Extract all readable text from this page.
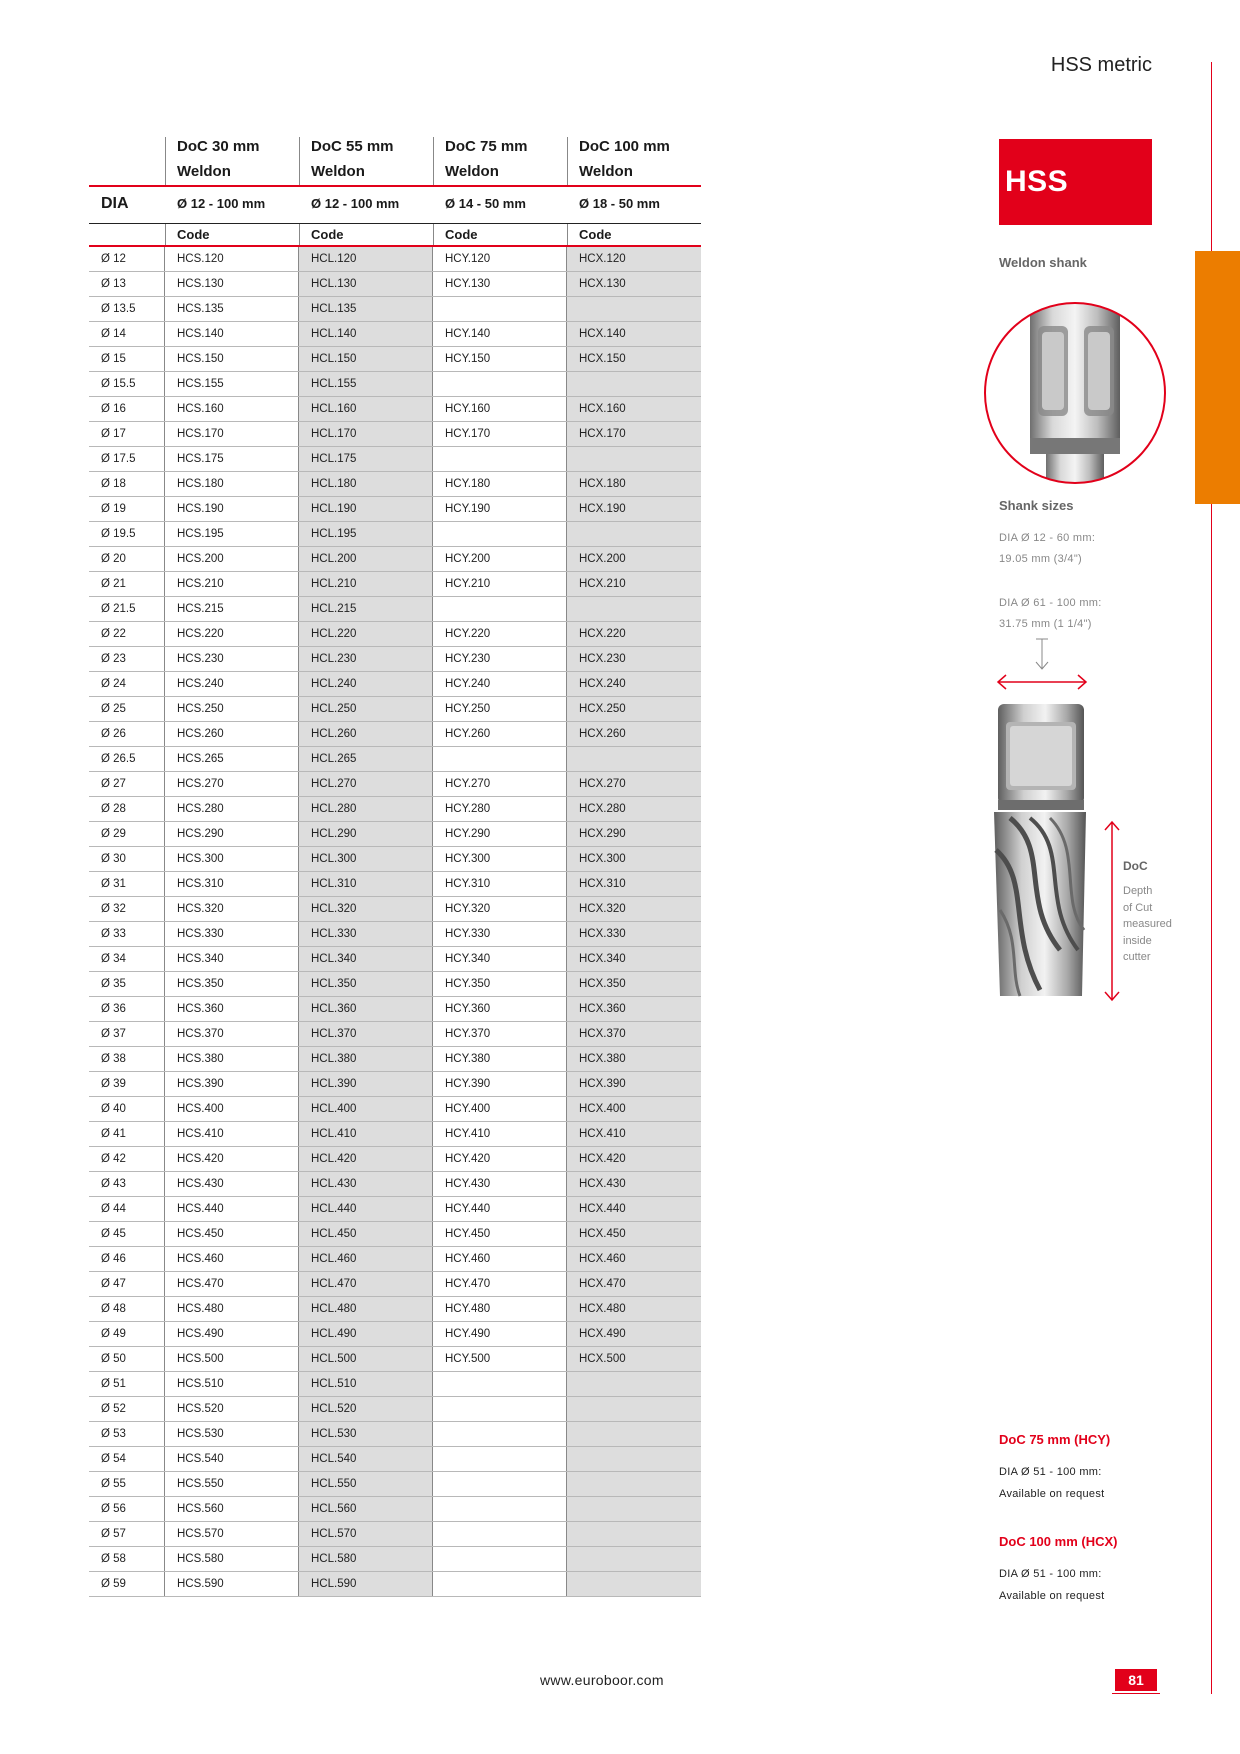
HSS metric
DoC 30 mm
Weldon
DoC 55 mm
Weldon
DoC 75 mm
Weldon
DoC 100 mm
Weldon
DIA	Ø 12 - 100 mm	Ø 12 - 100 mm	Ø 14 - 50 mm	Ø 18 - 50 mm
Code	Code	Code	Code
Ø 12	HCS.120	HCL.120	HCY.120	HCX.120
Ø 13	HCS.130	HCL.130	HCY.130	HCX.130
Ø 13.5	HCS.135	HCL.135
Ø 14	HCS.140	HCL.140	HCY.140	HCX.140
Ø 15	HCS.150	HCL.150	HCY.150	HCX.150
Ø 15.5	HCS.155	HCL.155
Ø 16	HCS.160	HCL.160	HCY.160	HCX.160
Ø 17	HCS.170	HCL.170	HCY.170	HCX.170
Ø 17.5	HCS.175	HCL.175
Ø 18	HCS.180	HCL.180	HCY.180	HCX.180
Ø 19	HCS.190	HCL.190	HCY.190	HCX.190
Ø 19.5	HCS.195	HCL.195
Ø 20	HCS.200	HCL.200	HCY.200	HCX.200
Ø 21	HCS.210	HCL.210	HCY.210	HCX.210
Ø 21.5	HCS.215	HCL.215
Ø 22	HCS.220	HCL.220	HCY.220	HCX.220
Ø 23	HCS.230	HCL.230	HCY.230	HCX.230
Ø 24	HCS.240	HCL.240	HCY.240	HCX.240
Ø 25	HCS.250	HCL.250	HCY.250	HCX.250
Ø 26	HCS.260	HCL.260	HCY.260	HCX.260
Ø 26.5	HCS.265	HCL.265
Ø 27	HCS.270	HCL.270	HCY.270	HCX.270
Ø 28	HCS.280	HCL.280	HCY.280	HCX.280
Ø 29	HCS.290	HCL.290	HCY.290	HCX.290
Ø 30	HCS.300	HCL.300	HCY.300	HCX.300
Ø 31	HCS.310	HCL.310	HCY.310	HCX.310
Ø 32	HCS.320	HCL.320	HCY.320	HCX.320
Ø 33	HCS.330	HCL.330	HCY.330	HCX.330
Ø 34	HCS.340	HCL.340	HCY.340	HCX.340
Ø 35	HCS.350	HCL.350	HCY.350	HCX.350
Ø 36	HCS.360	HCL.360	HCY.360	HCX.360
Ø 37	HCS.370	HCL.370	HCY.370	HCX.370
Ø 38	HCS.380	HCL.380	HCY.380	HCX.380
Ø 39	HCS.390	HCL.390	HCY.390	HCX.390
Ø 40	HCS.400	HCL.400	HCY.400	HCX.400
Ø 41	HCS.410	HCL.410	HCY.410	HCX.410
Ø 42	HCS.420	HCL.420	HCY.420	HCX.420
Ø 43	HCS.430	HCL.430	HCY.430	HCX.430
Ø 44	HCS.440	HCL.440	HCY.440	HCX.440
Ø 45	HCS.450	HCL.450	HCY.450	HCX.450
Ø 46	HCS.460	HCL.460	HCY.460	HCX.460
Ø 47	HCS.470	HCL.470	HCY.470	HCX.470
Ø 48	HCS.480	HCL.480	HCY.480	HCX.480
Ø 49	HCS.490	HCL.490	HCY.490	HCX.490
Ø 50	HCS.500	HCL.500	HCY.500	HCX.500
Ø 51	HCS.510	HCL.510
Ø 52	HCS.520	HCL.520
Ø 53	HCS.530	HCL.530
Ø 54	HCS.540	HCL.540
Ø 55	HCS.550	HCL.550
Ø 56	HCS.560	HCL.560
Ø 57	HCS.570	HCL.570
Ø 58	HCS.580	HCL.580
Ø 59	HCS.590	HCL.590
HSS
Weldon shank
Shank sizes
DIA Ø 12 - 60 mm:
19.05 mm (3/4")
DIA Ø 61 - 100 mm:
31.75 mm (1 1/4")
DoC
Depth
of Cut
measured
inside
cutter
DoC 75 mm (HCY)
DIA Ø 51 - 100 mm:
Available on request
DoC 100 mm (HCX)
DIA Ø 51 - 100 mm:
Available on request
www.euroboor.com	81
